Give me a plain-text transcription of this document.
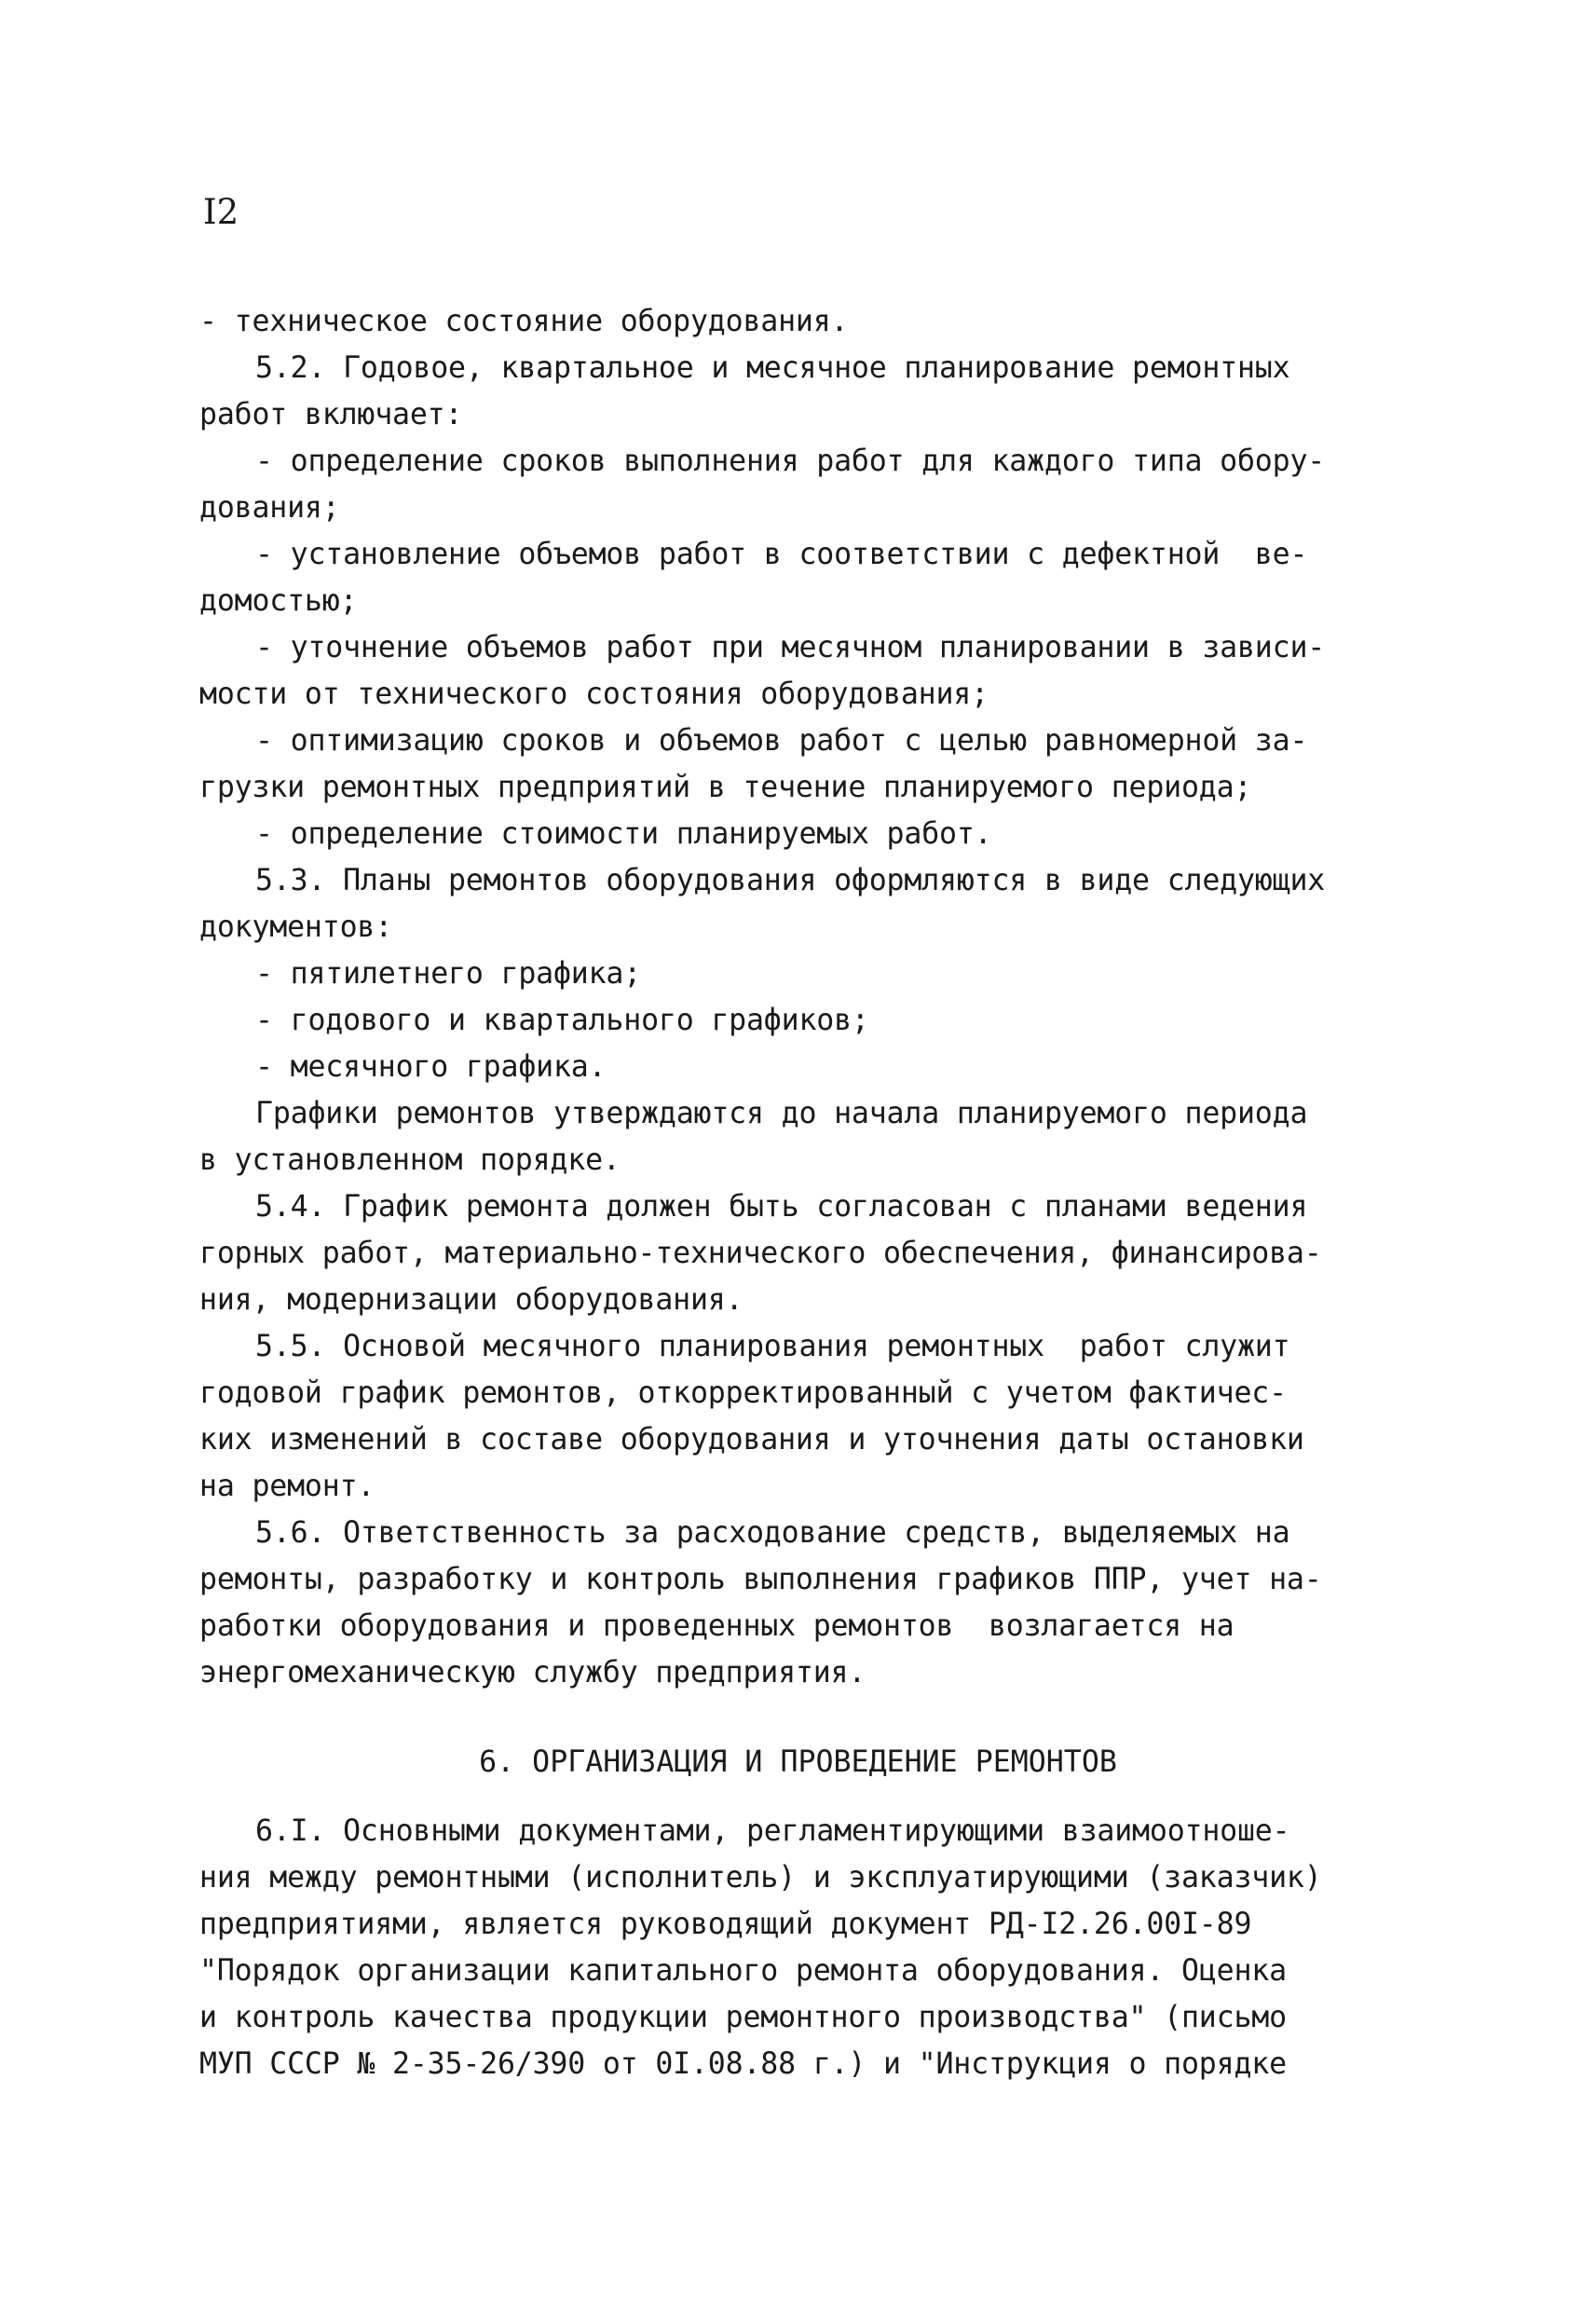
I2
- техническое состояние оборудования.
5.2. Годовое, квартальное и месячное планирование ремонтных
работ включает:
- определение сроков выполнения работ для каждого типа обору-
дования;
- установление объемов работ в соответствии с дефектной  ве-
домостью;
- уточнение объемов работ при месячном планировании в зависи-
мости от технического состояния оборудования;
- оптимизацию сроков и объемов работ с целью равномерной за-
грузки ремонтных предприятий в течение планируемого периода;
- определение стоимости планируемых работ.
5.3. Планы ремонтов оборудования оформляются в виде следующих
документов:
- пятилетнего графика;
- годового и квартального графиков;
- месячного графика.
Графики ремонтов утверждаются до начала планируемого периода
в установленном порядке.
5.4. График ремонта должен быть согласован с планами ведения
горных работ, материально-технического обеспечения, финансирова-
ния, модернизации оборудования.
5.5. Основой месячного планирования ремонтных  работ служит
годовой график ремонтов, откорректированный с учетом фактичес-
ких изменений в составе оборудования и уточнения даты остановки
на ремонт.
5.6. Ответственность за расходование средств, выделяемых на
ремонты, разработку и контроль выполнения графиков ППР, учет на-
работки оборудования и проведенных ремонтов  возлагается на
энергомеханическую службу предприятия.
6. ОРГАНИЗАЦИЯ И ПРОВЕДЕНИЕ РЕМОНТОВ
6.I. Основными документами, регламентирующими взаимоотноше-
ния между ремонтными (исполнитель) и эксплуатирующими (заказчик)
предприятиями, является руководящий документ РД-I2.26.00I-89
"Порядок организации капитального ремонта оборудования. Оценка
и контроль качества продукции ремонтного производства" (письмо
МУП СССР № 2-35-26/390 от 0I.08.88 г.) и "Инструкция о порядке
